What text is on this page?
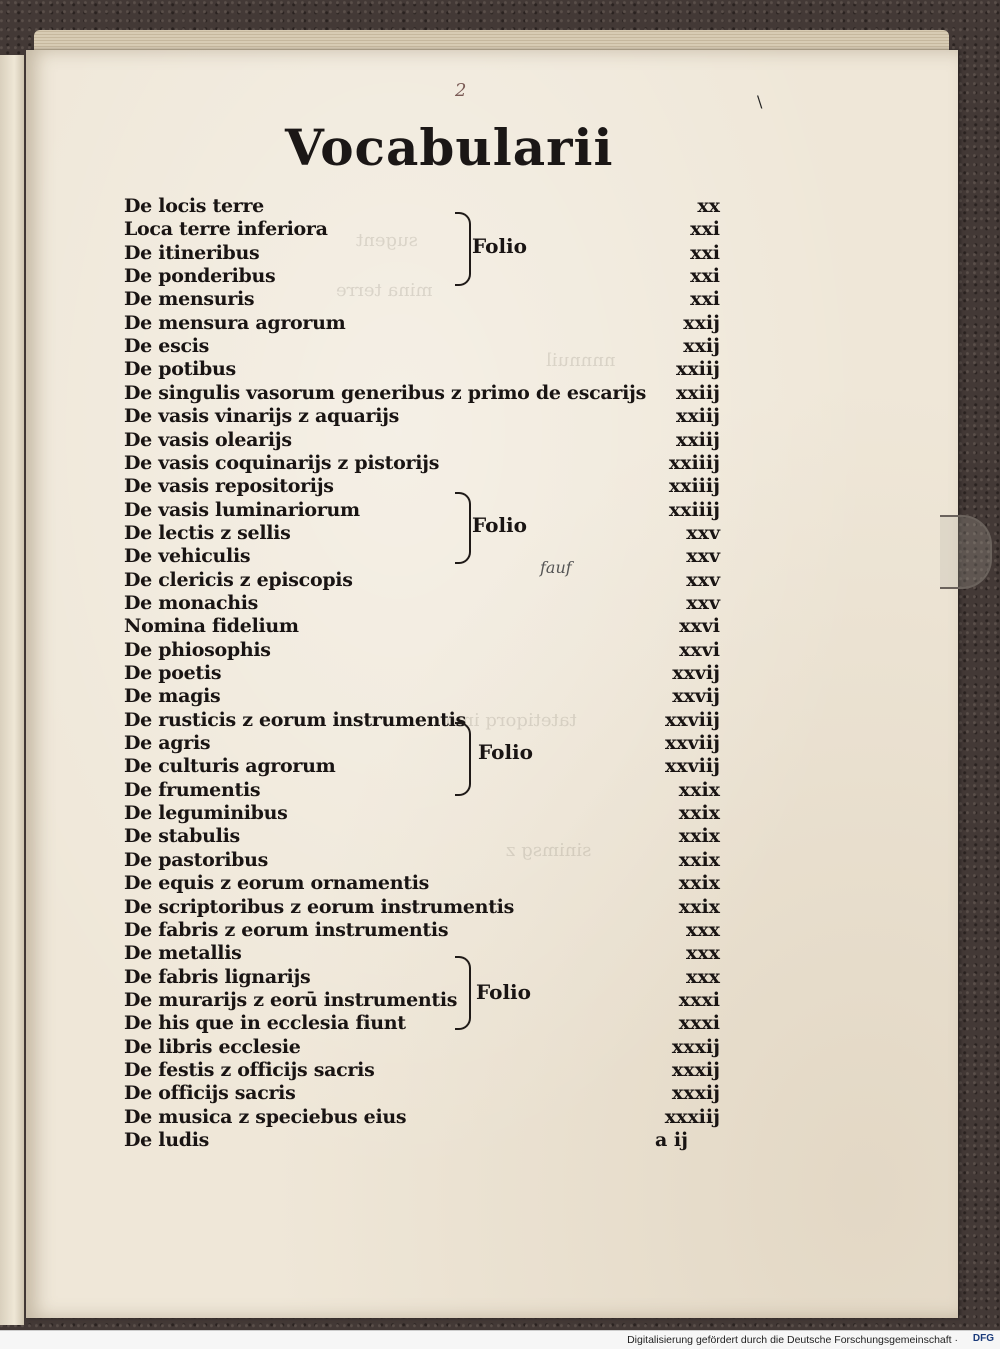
sugent
mina terre
nnnnuil
tatetiqorq imo
sinimsg z
2
\
Vocabularii
De locis terre	xx
Loca terre inferiora	xxi
De itineribus	xxi
De ponderibus	xxi
De mensuris	xxi
De mensura agrorum	xxij
De escis	xxij
De potibus	xxiij
De singulis vasorum generibus z primo de escarijs	xxiij
De vasis vinarijs z aquarijs	xxiij
De vasis olearijs	xxiij
De vasis coquinarijs z pistorijs	xxiiij
De vasis repositorijs	xxiiij
De vasis luminariorum	xxiiij
De lectis z sellis	xxv
De vehiculis	xxv
De clericis z episcopis	xxv
De monachis	xxv
Nomina fidelium	xxvi
De phiosophis	xxvi
De poetis	xxvij
De magis	xxvij
De rusticis z eorum instrumentis	xxviij
De agris	xxviij
De culturis agrorum	xxviij
De frumentis	xxix
De leguminibus	xxix
De stabulis	xxix
De pastoribus	xxix
De equis z eorum ornamentis	xxix
De scriptoribus z eorum instrumentis	xxix
De fabris z eorum instrumentis	xxx
De metallis	xxx
De fabris lignarijs	xxx
De murarijs z eorū instrumentis	xxxi
De his que in ecclesia fiunt	xxxi
De libris ecclesie	xxxij
De festis z officijs sacris	xxxij
De officijs sacris	xxxij
De musica z speciebus eius	xxxiij
De ludis	a ij
Folio
Folio
Folio
Folio
fauf
Digitalisierung gefördert durch die Deutsche Forschungsgemeinschaft · DFG
